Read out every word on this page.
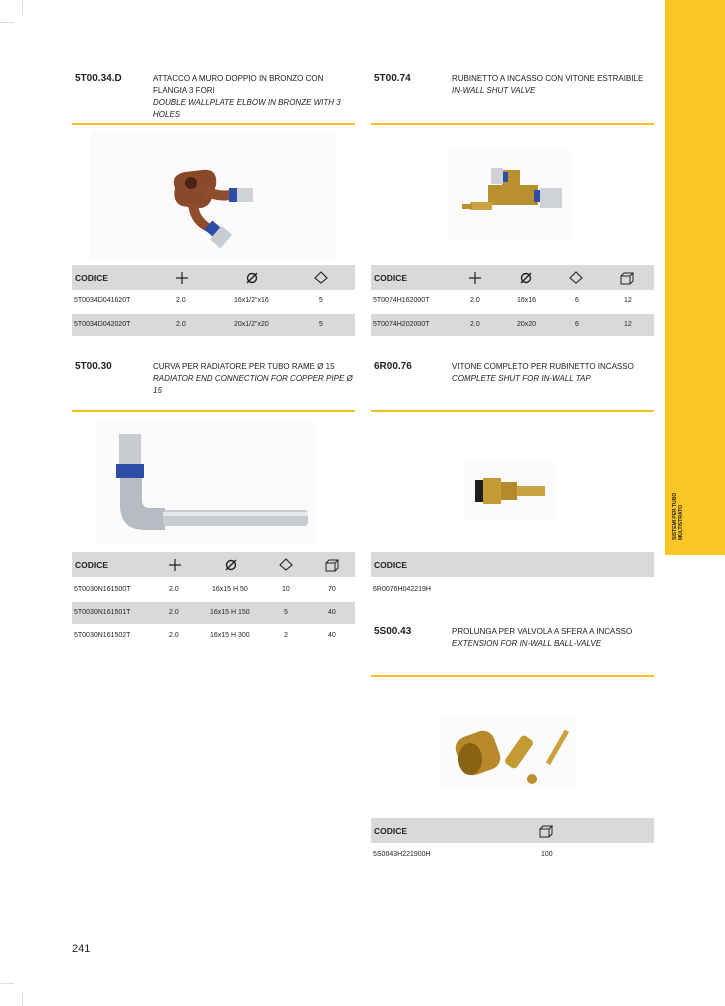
SISTEMI PER TUBO MULTISTRATO
5T00.34.D	ATTACCO A MURO DOPPIO IN BRONZO CON FLANGIA 3 FORI
DOUBLE WALLPLATE ELBOW IN BRONZE WITH 3 HOLES
CODICE
5T0034D041620T	2.0	16x1/2"x16	5
5T0034D042020T	2.0	20x1/2"x20	5
5T00.74	RUBINETTO A INCASSO CON VITONE ESTRAIBILE
IN-WALL SHUT VALVE
CODICE
5T0074H162000T	2.0	16x16	6	12
5T0074H202000T	2.0	20x20	6	12
5T00.30	CURVA PER RADIATORE PER TUBO RAME Ø 15
RADIATOR END CONNECTION FOR COPPER PIPE Ø 15
CODICE
5T0030N161500T	2.0	16x15 H 50	10	70
5T0030N161501T	2.0	16x15 H 150	5	40
5T0030N161502T	2.0	16x15 H 300	2	40
6R00.76	VITONE COMPLETO PER RUBINETTO INCASSO
COMPLETE SHUT FOR IN-WALL TAP
CODICE
6R0076H042219H
5S00.43	PROLUNGA PER VALVOLA A SFERA A INCASSO
EXTENSION FOR IN-WALL BALL-VALVE
CODICE
5S0043H221900H	100
241
